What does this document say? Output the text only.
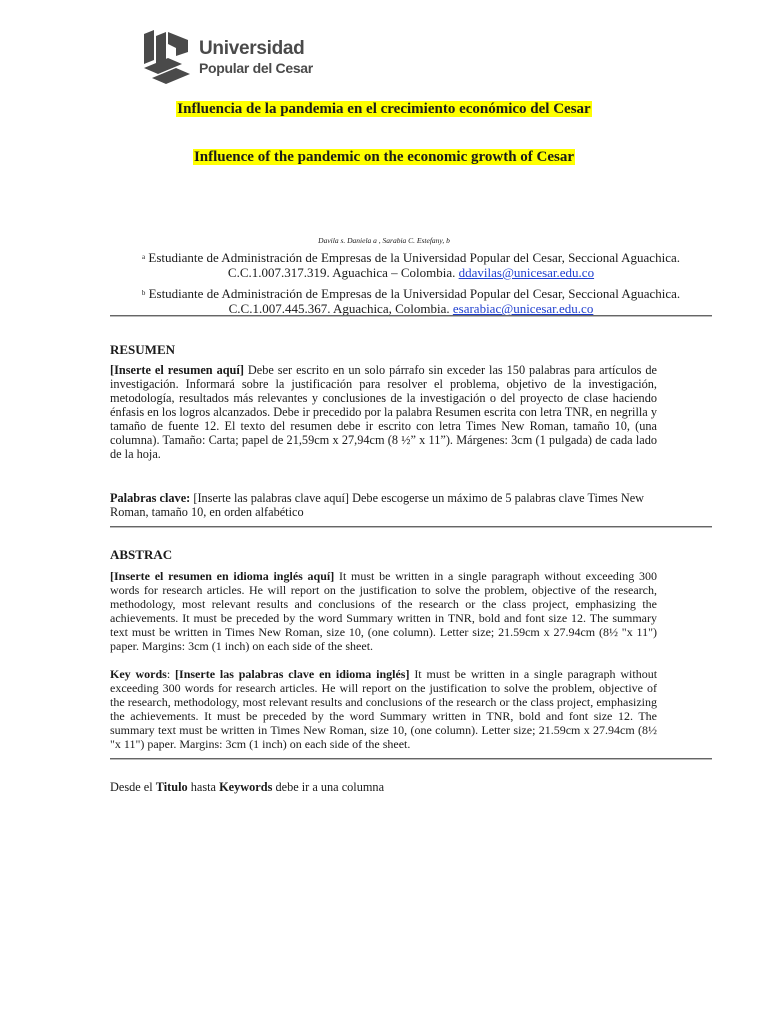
Universidad
Popular del Cesar
Influencia de la pandemia en el crecimiento económico del Cesar
Influence of the pandemic on the economic growth of Cesar
Davila s. Daniela a , Sarabia C. Estefany, b
$^a$ Estudiante de Administración de Empresas de la Universidad Popular del Cesar, Seccional Aguachica.
C.C.1.007.317.319. Aguachica – Colombia. ddavilas@unicesar.edu.co
$^b$ Estudiante de Administración de Empresas de la Universidad Popular del Cesar, Seccional Aguachica.
C.C.1.007.445.367. Aguachica, Colombia. esarabiac@unicesar.edu.co
RESUMEN
[Inserte el resumen aquí] Debe ser escrito en un solo párrafo sin exceder las 150 palabras para artículos de investigación. Informará sobre la justificación para resolver el problema, objetivo de la investigación, metodología, resultados más relevantes y conclusiones de la investigación o del proyecto de clase haciendo énfasis en los logros alcanzados. Debe ir precedido por la palabra Resumen escrita con letra TNR, en negrilla y tamaño de fuente 12. El texto del resumen debe ir escrito con letra Times New Roman, tamaño 10, (una columna). Tamaño: Carta; papel de 21,59cm x 27,94cm (8 ½” x 11”). Márgenes: 3cm (1 pulgada) de cada lado de la hoja.
Palabras clave: [Inserte las palabras clave aquí] Debe escogerse un máximo de 5 palabras clave Times New Roman, tamaño 10, en orden alfabético
ABSTRAC
[Inserte el resumen en idioma inglés aquí] It must be written in a single paragraph without exceeding 300 words for research articles. He will report on the justification to solve the problem, objective of the research, methodology, most relevant results and conclusions of the research or the class project, emphasizing the achievements. It must be preceded by the word Summary written in TNR, bold and font size 12. The summary text must be written in Times New Roman, size 10, (one column). Letter size; 21.59cm x 27.94cm (8½ "x 11") paper. Margins: 3cm (1 inch) on each side of the sheet.
Key words: [Inserte las palabras clave en idioma inglés] It must be written in a single paragraph without exceeding 300 words for research articles. He will report on the justification to solve the problem, objective of the research, methodology, most relevant results and conclusions of the research or the class project, emphasizing the achievements. It must be preceded by the word Summary written in TNR, bold and font size 12. The summary text must be written in Times New Roman, size 10, (one column). Letter size; 21.59cm x 27.94cm (8½ "x 11") paper. Margins: 3cm (1 inch) on each side of the sheet.
Desde el Titulo hasta Keywords debe ir a una columna
